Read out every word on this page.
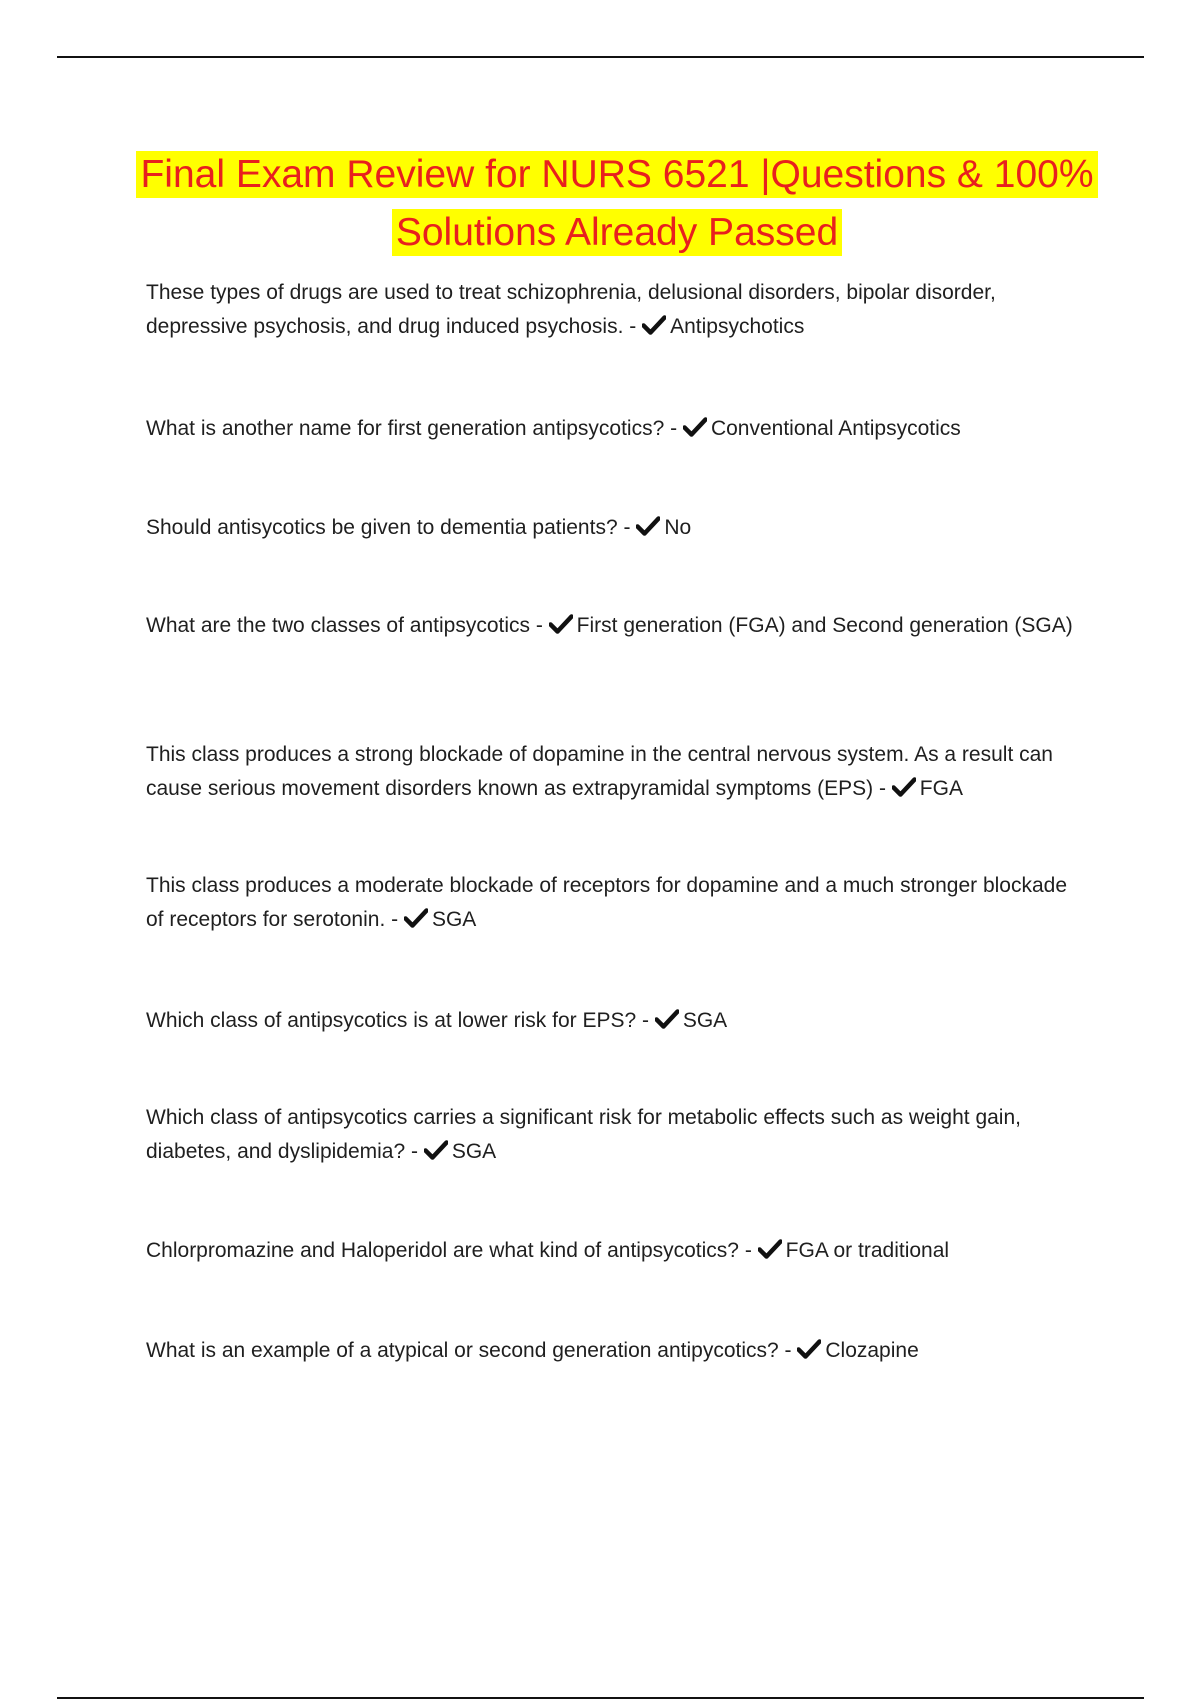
Final Exam Review for NURS 6521 |Questions & 100% Solutions Already Passed

These types of drugs are used to treat schizophrenia, delusional disorders, bipolar disorder, depressive psychosis, and drug induced psychosis. -
Antipsychotics

What is another name for first generation antipsycotics? -
Conventional Antipsycotics

Should antisycotics be given to dementia patients? -
No

What are the two classes of antipsycotics -
First generation (FGA) and Second generation (SGA)

This class produces a strong blockade of dopamine in the central nervous system. As a result can cause serious movement disorders known as extrapyramidal symptoms (EPS) -
FGA

This class produces a moderate blockade of receptors for dopamine and a much stronger blockade of receptors for serotonin. -
SGA

Which class of antipsycotics is at lower risk for EPS? -
SGA

Which class of antipsycotics carries a significant risk for metabolic effects such as weight gain, diabetes, and dyslipidemia? -
SGA

Chlorpromazine and Haloperidol are what kind of antipsycotics? -
FGA or traditional

What is an example of a atypical or second generation antipycotics? -
Clozapine
